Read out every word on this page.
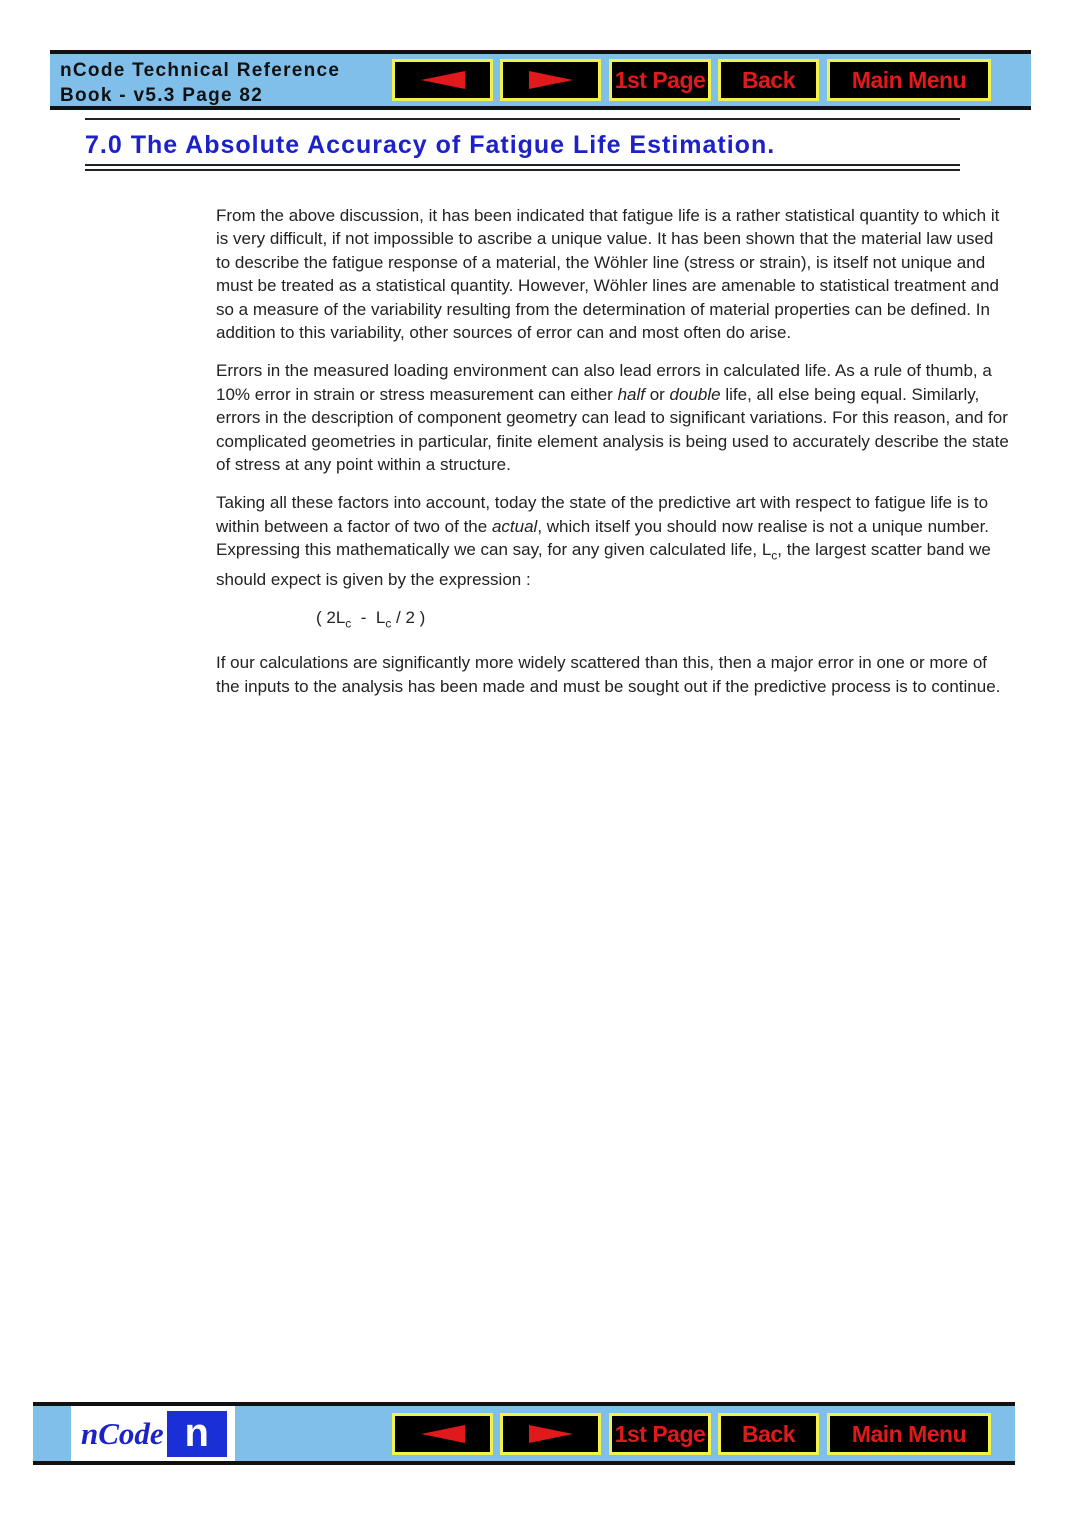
nCode Technical Reference
Book - v5.3 Page 82
1st Page	Back	Main Menu
7.0 The Absolute Accuracy of Fatigue Life Estimation.

From the above discussion, it has been indicated that fatigue life is a rather statistical quantity to which it is very difficult, if not impossible to ascribe a unique value. It has been shown that the material law used to describe the fatigue response of a material, the Wöhler line (stress or strain), is itself not unique and must be treated as a statistical quantity. However, Wöhler lines are amenable to statistical treatment and so a measure of the variability resulting from the determination of material properties can be defined. In addition to this variability, other sources of error can and most often do arise.

Errors in the measured loading environment can also lead errors in calculated life. As a rule of thumb, a 10% error in strain or stress measurement can either half or double life, all else being equal. Similarly, errors in the description of component geometry can lead to significant variations. For this reason, and for complicated geometries in particular, finite element analysis is being used to accurately describe the state of stress at any point within a structure.

Taking all these factors into account, today the state of the predictive art with respect to fatigue life is to within between a factor of two of the actual, which itself you should now realise is not a unique number. Expressing this mathematically we can say, for any given calculated life, $L_c$, the largest scatter band we should expect is given by the expression :

( $2L_c - L_c / 2$ )

If our calculations are significantly more widely scattered than this, then a major error in one or more of the inputs to the analysis has been made and must be sought out if the predictive process is to continue.

nCode n	1st Page	Back	Main Menu
